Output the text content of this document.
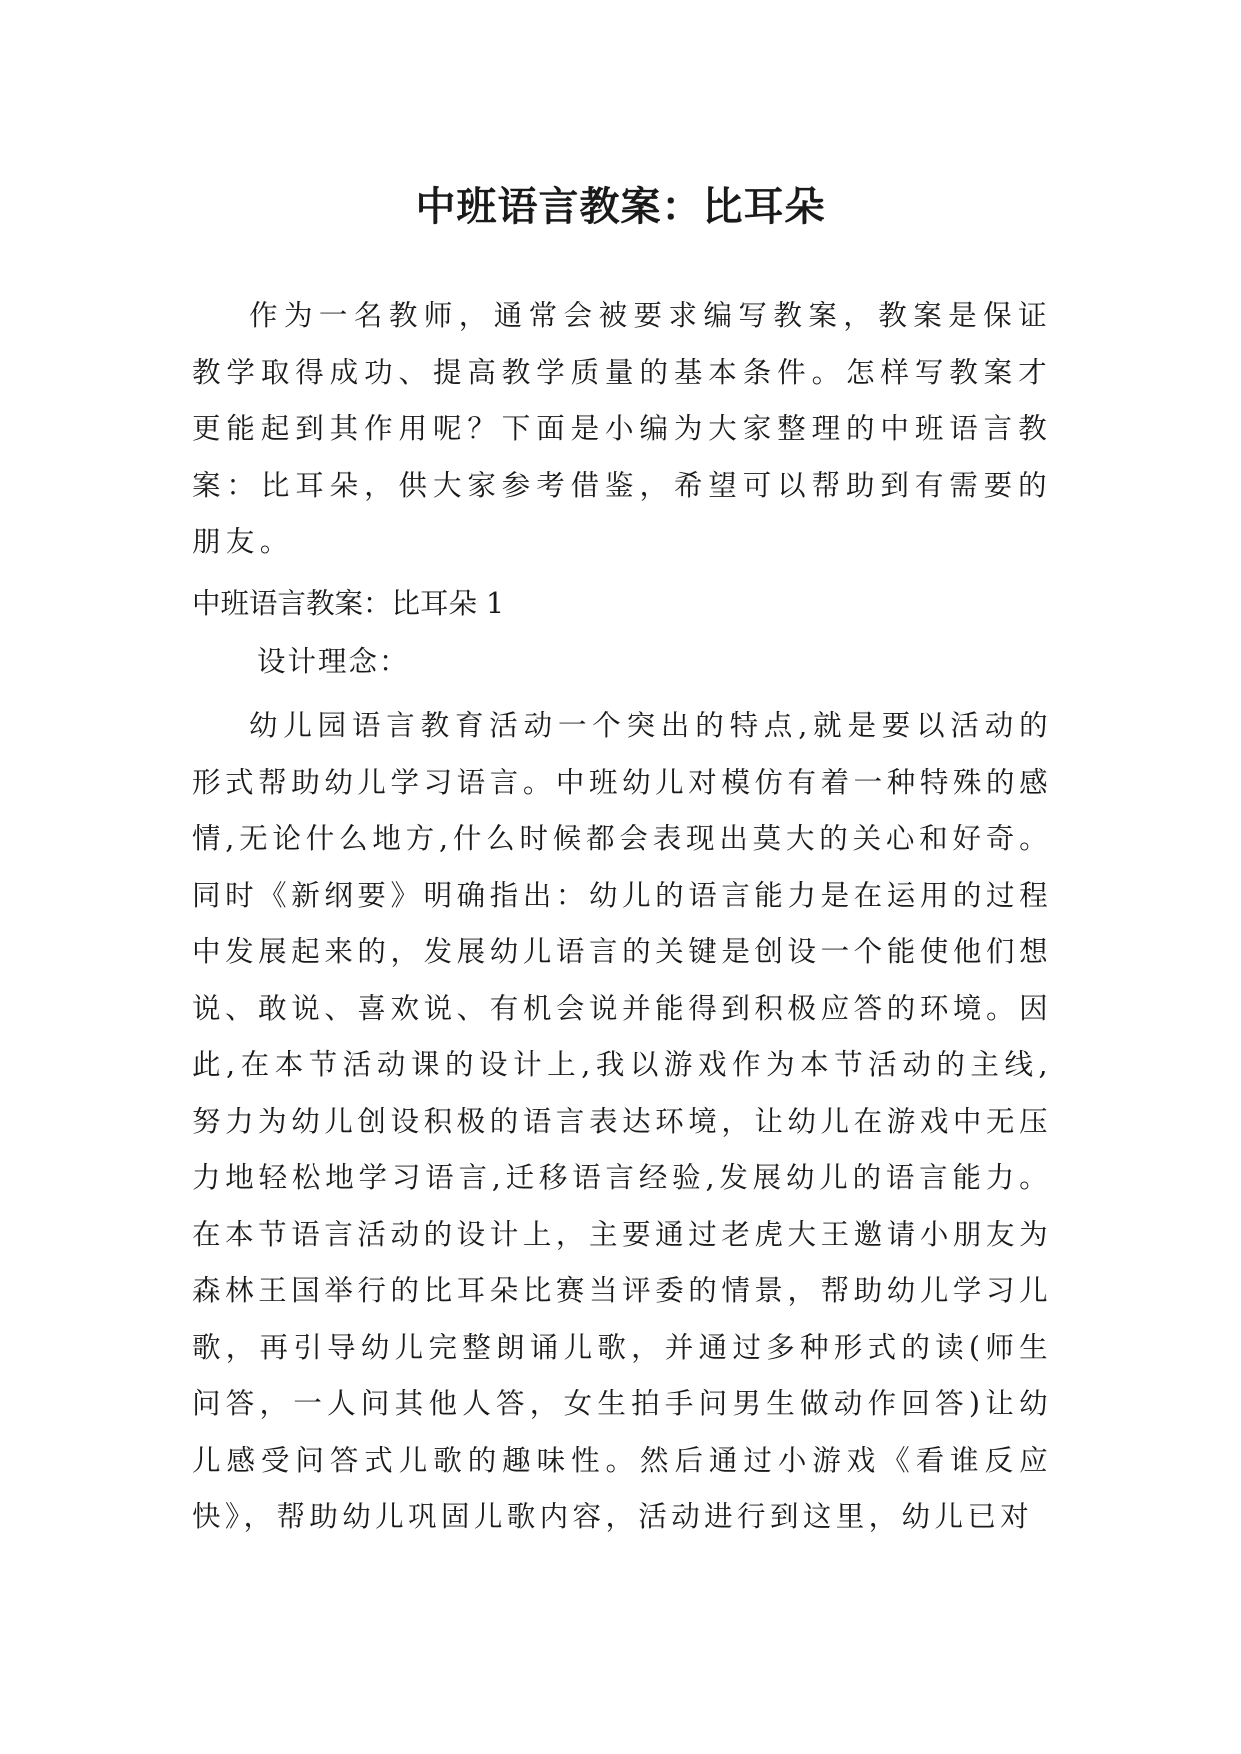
中班语言教案：比耳朵

作为一名教师，通常会被要求编写教案，教案是保证教学取得成功、提高教学质量的基本条件。怎样写教案才更能起到其作用呢？下面是小编为大家整理的中班语言教案：比耳朵，供大家参考借鉴，希望可以帮助到有需要的朋友。

中班语言教案：比耳朵 1

设计理念：

幼儿园语言教育活动一个突出的特点,就是要以活动的形式帮助幼儿学习语言。中班幼儿对模仿有着一种特殊的感情,无论什么地方,什么时候都会表现出莫大的关心和好奇。同时《新纲要》明确指出：幼儿的语言能力是在运用的过程中发展起来的，发展幼儿语言的关键是创设一个能使他们想说、敢说、喜欢说、有机会说并能得到积极应答的环境。因此,在本节活动课的设计上,我以游戏作为本节活动的主线,努力为幼儿创设积极的语言表达环境，让幼儿在游戏中无压力地轻松地学习语言,迁移语言经验,发展幼儿的语言能力。在本节语言活动的设计上，主要通过老虎大王邀请小朋友为森林王国举行的比耳朵比赛当评委的情景，帮助幼儿学习儿歌，再引导幼儿完整朗诵儿歌，并通过多种形式的读(师生问答，一人问其他人答，女生拍手问男生做动作回答)让幼儿感受问答式儿歌的趣味性。然后通过小游戏《看谁反应快》，帮助幼儿巩固儿歌内容，活动进行到这里，幼儿已对
